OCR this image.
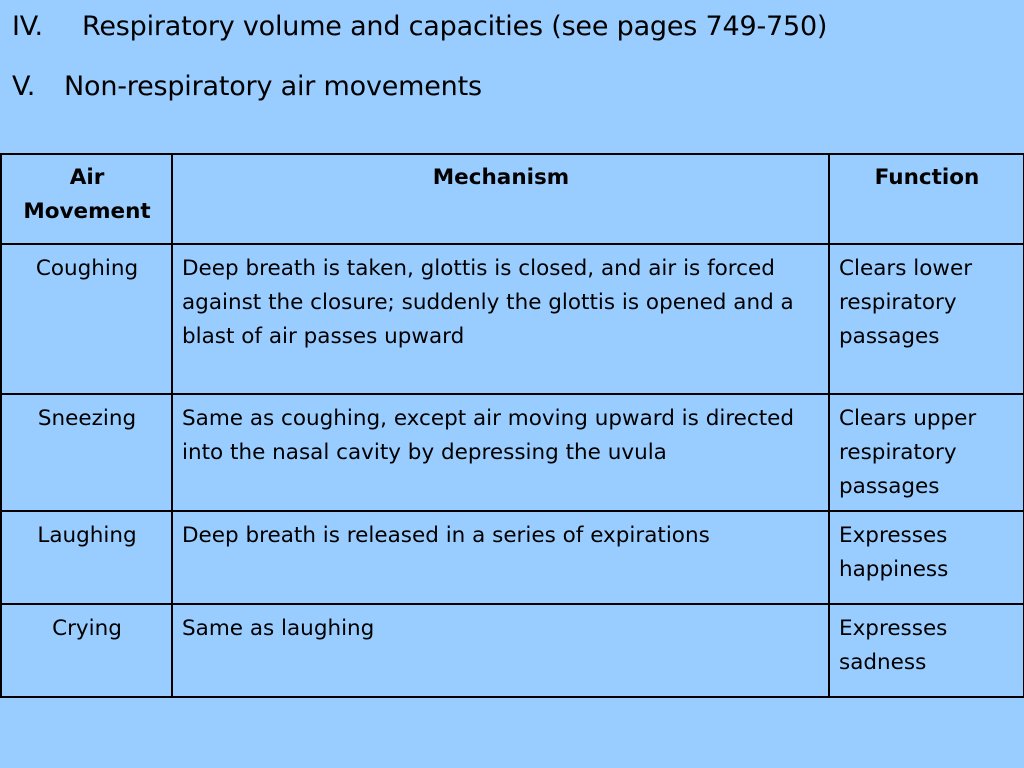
IV. Respiratory volume and capacities (see pages 749-750)
V. Non-respiratory air movements
Air Movement	Mechanism	Function
Coughing	Deep breath is taken, glottis is closed, and air is forced against the closure; suddenly the glottis is opened and a blast of air passes upward	Clears lower respiratory passages
Sneezing	Same as coughing, except air moving upward is directed into the nasal cavity by depressing the uvula	Clears upper respiratory passages
Laughing	Deep breath is released in a series of expirations	Expresses happiness
Crying	Same as laughing	Expresses sadness
